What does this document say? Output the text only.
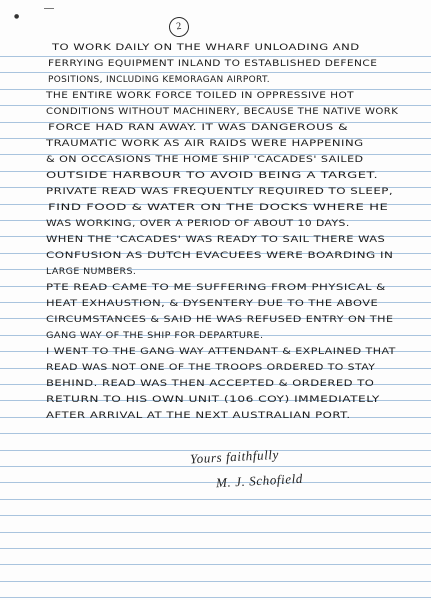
●
2
TO WORK DAILY ON THE WHARF UNLOADING AND
FERRYING EQUIPMENT INLAND TO ESTABLISHED DEFENCE
POSITIONS, INCLUDING KEMORAGAN AIRPORT.
THE ENTIRE WORK FORCE TOILED IN OPPRESSIVE HOT
CONDITIONS WITHOUT MACHINERY, BECAUSE THE NATIVE WORK
FORCE HAD RAN AWAY. IT WAS DANGEROUS &
TRAUMATIC WORK AS AIR RAIDS WERE HAPPENING
& ON OCCASIONS THE HOME SHIP 'CACADES' SAILED
OUTSIDE HARBOUR TO AVOID BEING A TARGET.
PRIVATE READ WAS FREQUENTLY REQUIRED TO SLEEP,
FIND FOOD & WATER ON THE DOCKS WHERE HE
WAS WORKING, OVER A PERIOD OF ABOUT 10 DAYS.
WHEN THE 'CACADES' WAS READY TO SAIL THERE WAS
CONFUSION AS DUTCH EVACUEES WERE BOARDING IN
LARGE NUMBERS.
PTE READ CAME TO ME SUFFERING FROM PHYSICAL &
HEAT EXHAUSTION, & DYSENTERY DUE TO THE ABOVE
CIRCUMSTANCES & SAID HE WAS REFUSED ENTRY ON THE
GANG WAY OF THE SHIP FOR DEPARTURE.
I WENT TO THE GANG WAY ATTENDANT & EXPLAINED THAT
READ WAS NOT ONE OF THE TROOPS ORDERED TO STAY
BEHIND. READ WAS THEN ACCEPTED & ORDERED TO
RETURN TO HIS OWN UNIT (106 COY) IMMEDIATELY
AFTER ARRIVAL AT THE NEXT AUSTRALIAN PORT.
Yours faithfully
M. J. Schofield
